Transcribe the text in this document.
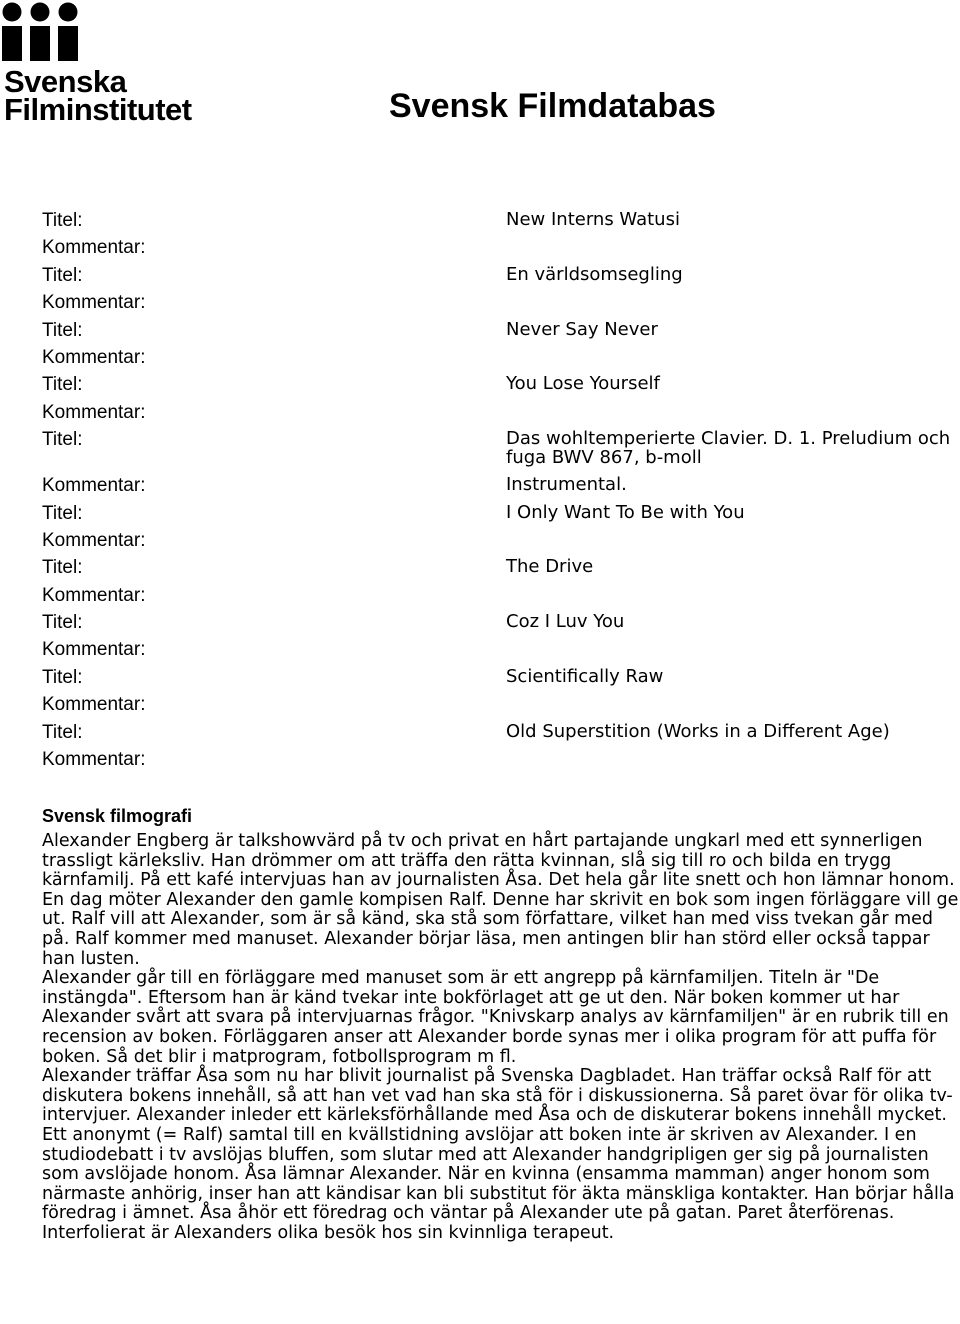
Svenska
Filminstitutet	Svensk Filmdatabas
Titel:	New Interns Watusi
Kommentar:
Titel:	En världsomsegling
Kommentar:
Titel:	Never Say Never
Kommentar:
Titel:	You Lose Yourself
Kommentar:
Titel:	Das wohltemperierte Clavier. D. 1. Preludium och fuga BWV 867, b-moll
Kommentar:	Instrumental.
Titel:	I Only Want To Be with You
Kommentar:
Titel:	The Drive
Kommentar:
Titel:	Coz I Luv You
Kommentar:
Titel:	Scientifically Raw
Kommentar:
Titel:	Old Superstition (Works in a Different Age)
Kommentar:
Svensk filmografi

Alexander Engberg är talkshowvärd på tv och privat en hårt partajande ungkarl med ett synnerligen trassligt kärleksliv. Han drömmer om att träffa den rätta kvinnan, slå sig till ro och bilda en trygg kärnfamilj. På ett kafé intervjuas han av journalisten Åsa. Det hela går lite snett och hon lämnar honom.

En dag möter Alexander den gamle kompisen Ralf. Denne har skrivit en bok som ingen förläggare vill ge ut. Ralf vill att Alexander, som är så känd, ska stå som författare, vilket han med viss tvekan går med på. Ralf kommer med manuset. Alexander börjar läsa, men antingen blir han störd eller också tappar han lusten.

Alexander går till en förläggare med manuset som är ett angrepp på kärnfamiljen. Titeln är "De instängda". Eftersom han är känd tvekar inte bokförlaget att ge ut den. När boken kommer ut har Alexander svårt att svara på intervjuarnas frågor. "Knivskarp analys av kärnfamiljen" är en rubrik till en recension av boken. Förläggaren anser att Alexander borde synas mer i olika program för att puffa för boken. Så det blir i matprogram, fotbollsprogram m fl.

Alexander träffar Åsa som nu har blivit journalist på Svenska Dagbladet. Han träffar också Ralf för att diskutera bokens innehåll, så att han vet vad han ska stå för i diskussionerna. Så paret övar för olika tv-intervjuer. Alexander inleder ett kärleksförhållande med Åsa och de diskuterar bokens innehåll mycket.

Ett anonymt (= Ralf) samtal till en kvällstidning avslöjar att boken inte är skriven av Alexander. I en studiodebatt i tv avslöjas bluffen, som slutar med att Alexander handgripligen ger sig på journalisten som avslöjade honom. Åsa lämnar Alexander. När en kvinna (ensamma mamman) anger honom som närmaste anhörig, inser han att kändisar kan bli substitut för äkta mänskliga kontakter. Han börjar hålla föredrag i ämnet. Åsa åhör ett föredrag och väntar på Alexander ute på gatan. Paret återförenas.

Interfolierat är Alexanders olika besök hos sin kvinnliga terapeut.
